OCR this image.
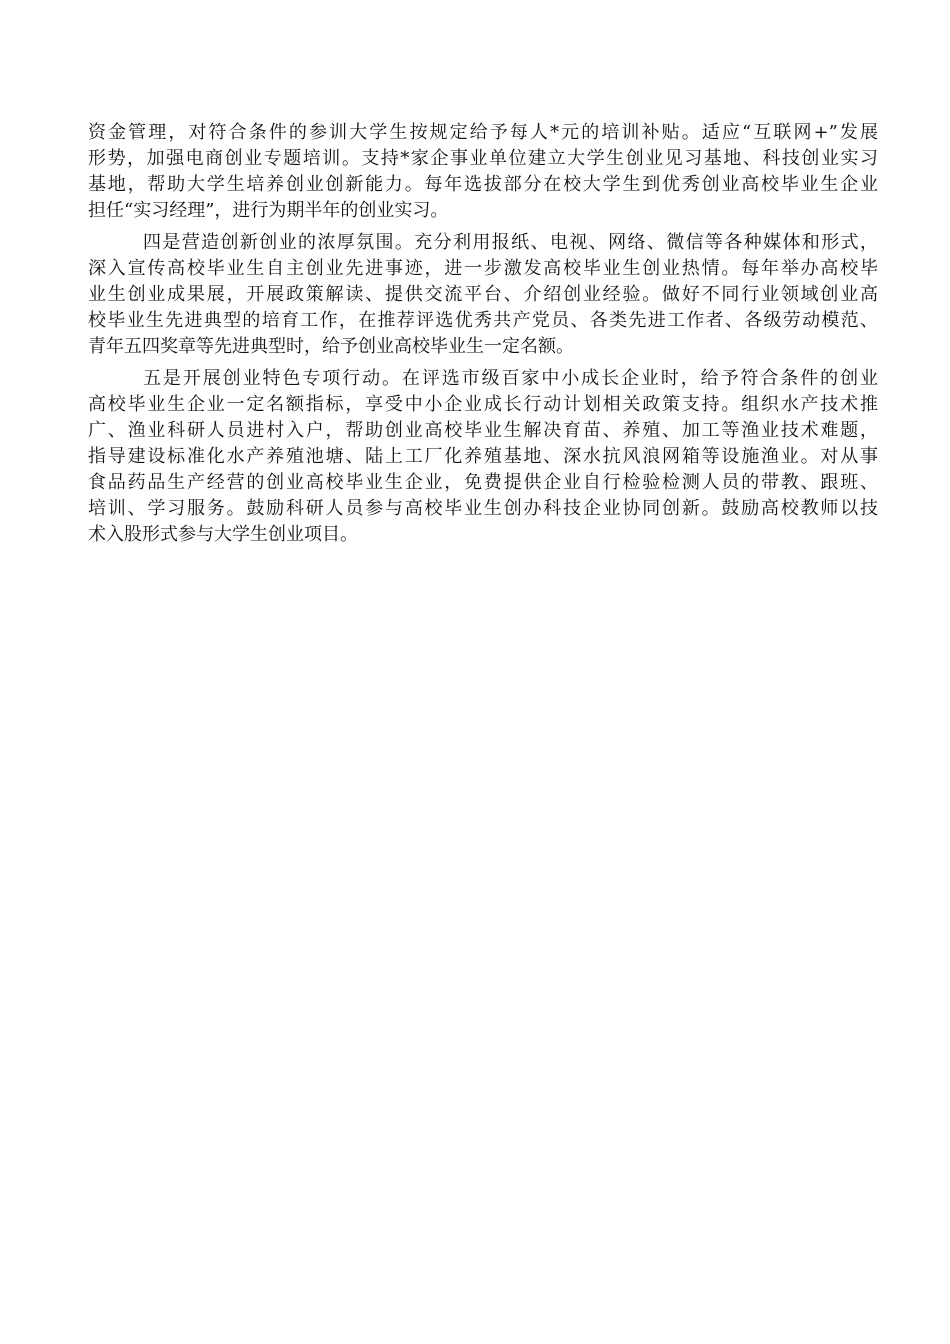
资金管理，对符合条件的参训大学生按规定给予每人*元的培训补贴。适应“互联网+”发展
形势，加强电商创业专题培训。支持*家企事业单位建立大学生创业见习基地、科技创业实习
基地，帮助大学生培养创业创新能力。每年选拔部分在校大学生到优秀创业高校毕业生企业
担任“实习经理”，进行为期半年的创业实习。
四是营造创新创业的浓厚氛围。充分利用报纸、电视、网络、微信等各种媒体和形式，
深入宣传高校毕业生自主创业先进事迹，进一步激发高校毕业生创业热情。每年举办高校毕
业生创业成果展，开展政策解读、提供交流平台、介绍创业经验。做好不同行业领域创业高
校毕业生先进典型的培育工作，在推荐评选优秀共产党员、各类先进工作者、各级劳动模范、
青年五四奖章等先进典型时，给予创业高校毕业生一定名额。
五是开展创业特色专项行动。在评选市级百家中小成长企业时，给予符合条件的创业
高校毕业生企业一定名额指标，享受中小企业成长行动计划相关政策支持。组织水产技术推
广、渔业科研人员进村入户，帮助创业高校毕业生解决育苗、养殖、加工等渔业技术难题，
指导建设标准化水产养殖池塘、陆上工厂化养殖基地、深水抗风浪网箱等设施渔业。对从事
食品药品生产经营的创业高校毕业生企业，免费提供企业自行检验检测人员的带教、跟班、
培训、学习服务。鼓励科研人员参与高校毕业生创办科技企业协同创新。鼓励高校教师以技
术入股形式参与大学生创业项目。
